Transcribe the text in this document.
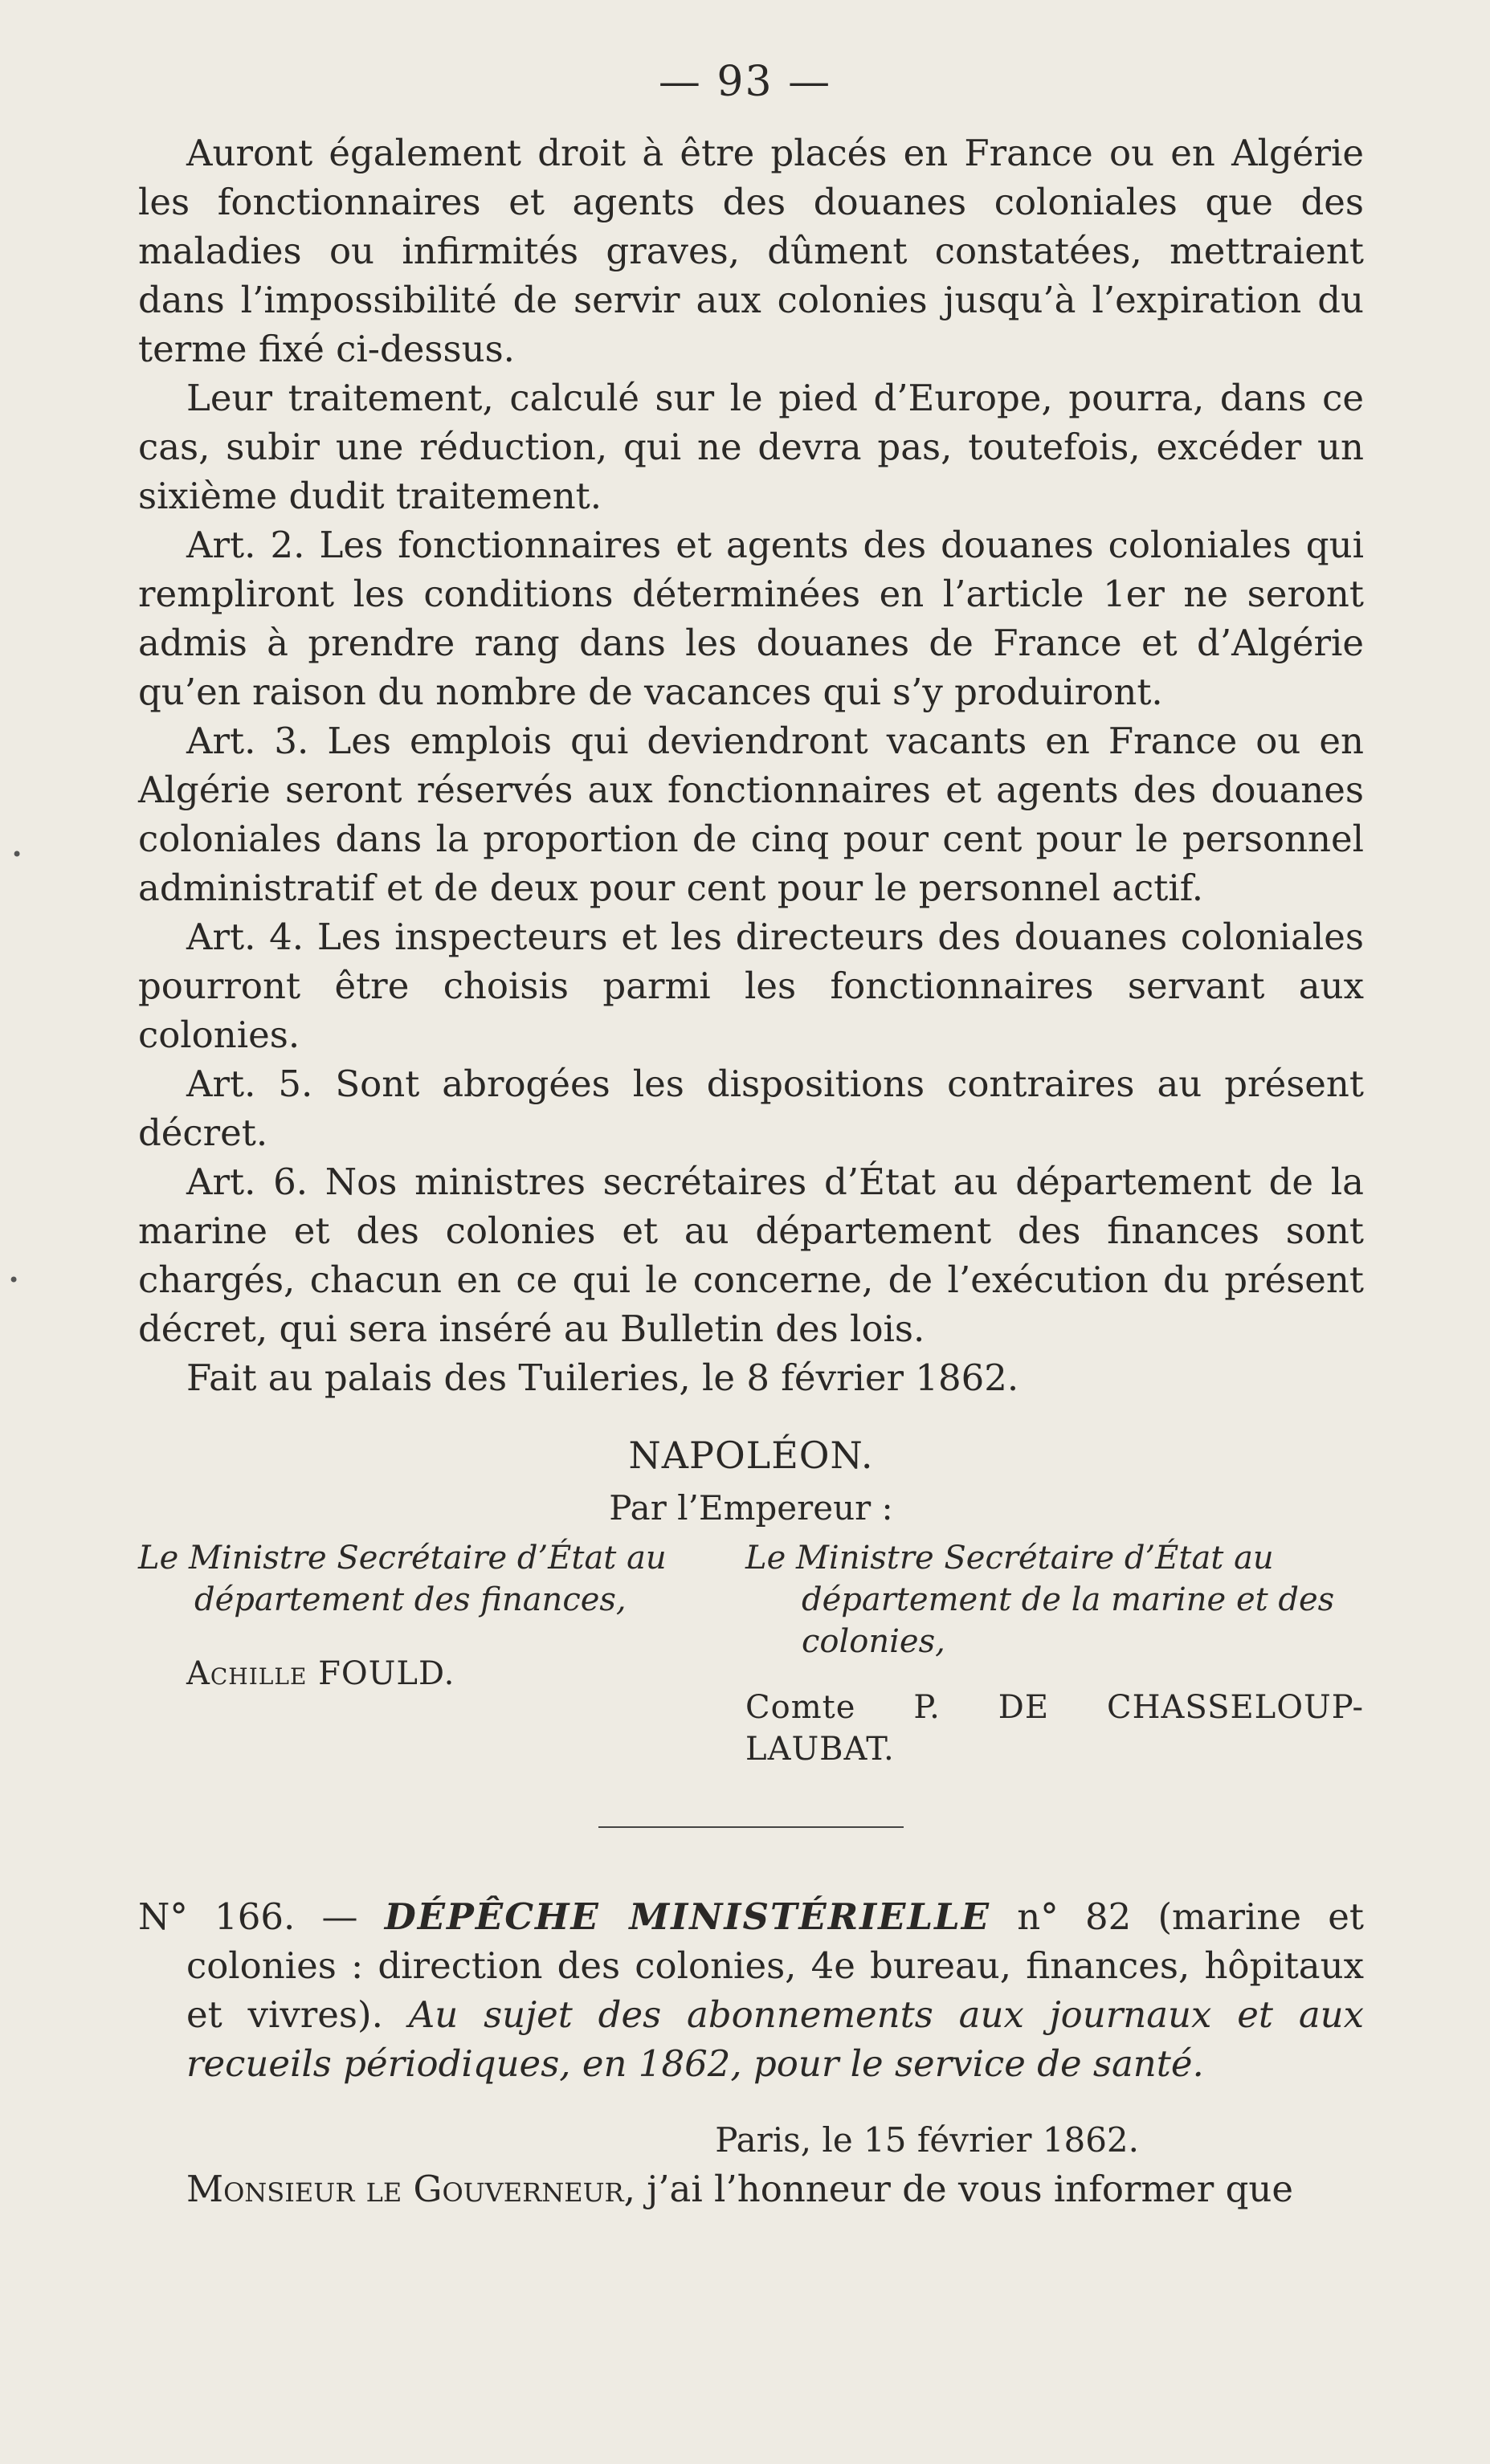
— 93 —

Auront également droit à être placés en France ou en Algérie les fonctionnaires et agents des douanes coloniales que des maladies ou infirmités graves, dûment constatées, mettraient dans l’impossibilité de servir aux colonies jusqu’à l’expiration du terme fixé ci-dessus.

Leur traitement, calculé sur le pied d’Europe, pourra, dans ce cas, subir une réduction, qui ne devra pas, toutefois, excéder un sixième dudit traitement.

Art. 2. Les fonctionnaires et agents des douanes coloniales qui rempliront les conditions déterminées en l’article 1er ne seront admis à prendre rang dans les douanes de France et d’Algérie qu’en raison du nombre de vacances qui s’y produiront.

Art. 3. Les emplois qui deviendront vacants en France ou en Algérie seront réservés aux fonctionnaires et agents des douanes coloniales dans la proportion de cinq pour cent pour le personnel administratif et de deux pour cent pour le personnel actif.

Art. 4. Les inspecteurs et les directeurs des douanes coloniales pourront être choisis parmi les fonctionnaires servant aux colonies.

Art. 5. Sont abrogées les dispositions contraires au présent décret.

Art. 6. Nos ministres secrétaires d’État au département de la marine et des colonies et au département des finances sont chargés, chacun en ce qui le concerne, de l’exécution du présent décret, qui sera inséré au Bulletin des lois.

Fait au palais des Tuileries, le 8 février 1862.

NAPOLÉON.
Par l’Empereur :
Le Ministre Secrétaire d’État au département des finances,
Achille FOULD.
Le Ministre Secrétaire d’État au département de la marine et des colonies,
Comte P. DE CHASSELOUP-LAUBAT.

N° 166. — DÉPÊCHE MINISTÉRIELLE n° 82 (marine et colonies : direction des colonies, 4e bureau, finances, hôpitaux et vivres). Au sujet des abonnements aux journaux et aux recueils périodiques, en 1862, pour le service de santé.

Paris, le 15 février 1862.

Monsieur le Gouverneur, j’ai l’honneur de vous informer que

•
•
